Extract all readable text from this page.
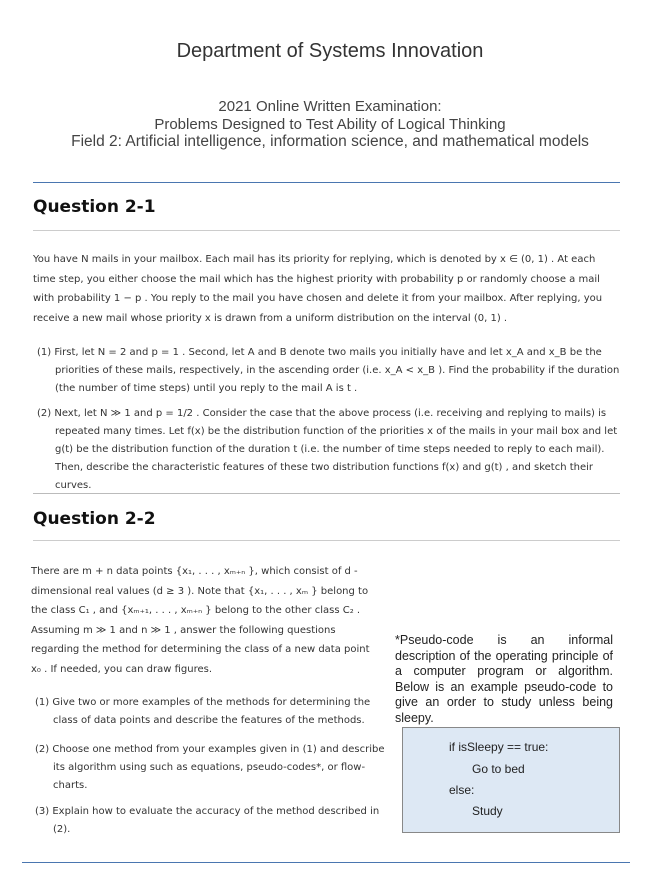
Department of Systems Innovation
2021 Online Written Examination:
Problems Designed to Test Ability of Logical Thinking
Field 2: Artificial intelligence, information science, and mathematical models
Question 2-1
You have N mails in your mailbox. Each mail has its priority for replying, which is denoted by x ∈ (0, 1) . At each time step, you either choose the mail which has the highest priority with probability p or randomly choose a mail with probability 1 − p . You reply to the mail you have chosen and delete it from your mailbox. After replying, you receive a new mail whose priority x is drawn from a uniform distribution on the interval (0, 1) .
(1) First, let N = 2 and p = 1 . Second, let A and B denote two mails you initially have and let x_A and x_B be the priorities of these mails, respectively, in the ascending order (i.e. x_A < x_B ). Find the probability if the duration (the number of time steps) until you reply to the mail A is t .
(2) Next, let N ≫ 1 and p = 1/2 . Consider the case that the above process (i.e. receiving and replying to mails) is repeated many times. Let f(x) be the distribution function of the priorities x of the mails in your mail box and let g(t) be the distribution function of the duration t (i.e. the number of time steps needed to reply to each mail). Then, describe the characteristic features of these two distribution functions f(x) and g(t) , and sketch their curves.
Question 2-2
There are m + n data points {x₁, . . . , xₘ₊ₙ }, which consist of d -dimensional real values (d ≥ 3 ). Note that {x₁, . . . , xₘ } belong to the class C₁ , and {xₘ₊₁, . . . , xₘ₊ₙ } belong to the other class C₂ . Assuming m ≫ 1 and n ≫ 1 , answer the following questions regarding the method for determining the class of a new data point x₀ . If needed, you can draw figures.
(1) Give two or more examples of the methods for determining the class of data points and describe the features of the methods.
(2) Choose one method from your examples given in (1) and describe its algorithm using such as equations, pseudo-codes*, or flow-charts.
(3) Explain how to evaluate the accuracy of the method described in (2).
*Pseudo-code is an informal description of the operating principle of a computer program or algorithm. Below is an example pseudo-code to give an order to study unless being sleepy.
if isSleepy == true:
Go to bed
else:
Study
